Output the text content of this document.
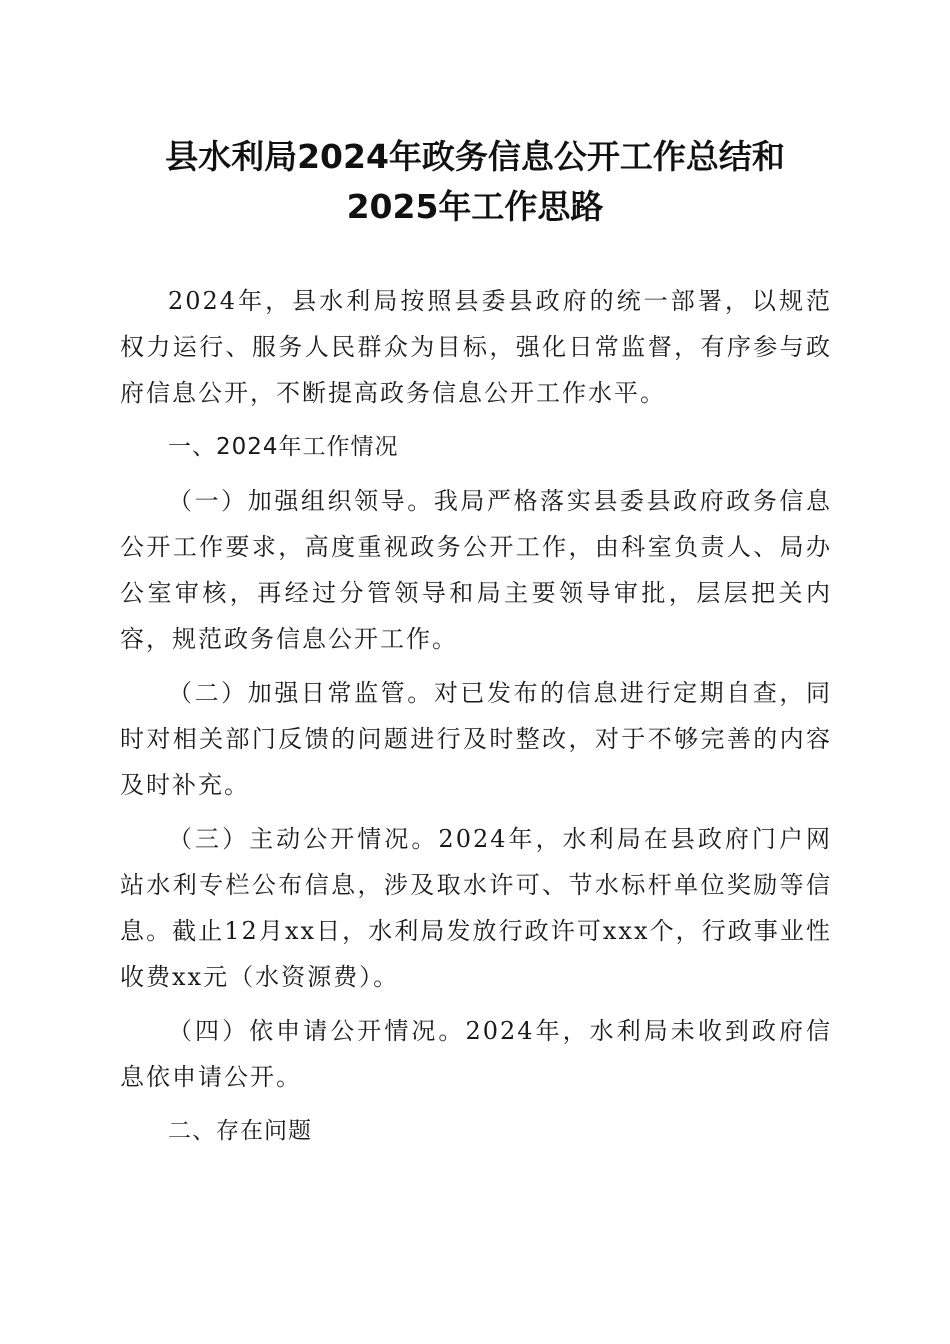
县水利局2024年政务信息公开工作总结和
2025年工作思路

2024年，县水利局按照县委县政府的统一部署，以规范权力运行、服务人民群众为目标，强化日常监督，有序参与政府信息公开，不断提高政务信息公开工作水平。

一、2024年工作情况

（一）加强组织领导。我局严格落实县委县政府政务信息公开工作要求，高度重视政务公开工作，由科室负责人、局办公室审核，再经过分管领导和局主要领导审批，层层把关内容，规范政务信息公开工作。

（二）加强日常监管。对已发布的信息进行定期自查，同时对相关部门反馈的问题进行及时整改，对于不够完善的内容及时补充。

（三）主动公开情况。2024年，水利局在县政府门户网站水利专栏公布信息，涉及取水许可、节水标杆单位奖励等信息。截止12月xx日，水利局发放行政许可xxx个，行政事业性收费xx元（水资源费）。

（四）依申请公开情况。2024年，水利局未收到政府信息依申请公开。

二、存在问题
